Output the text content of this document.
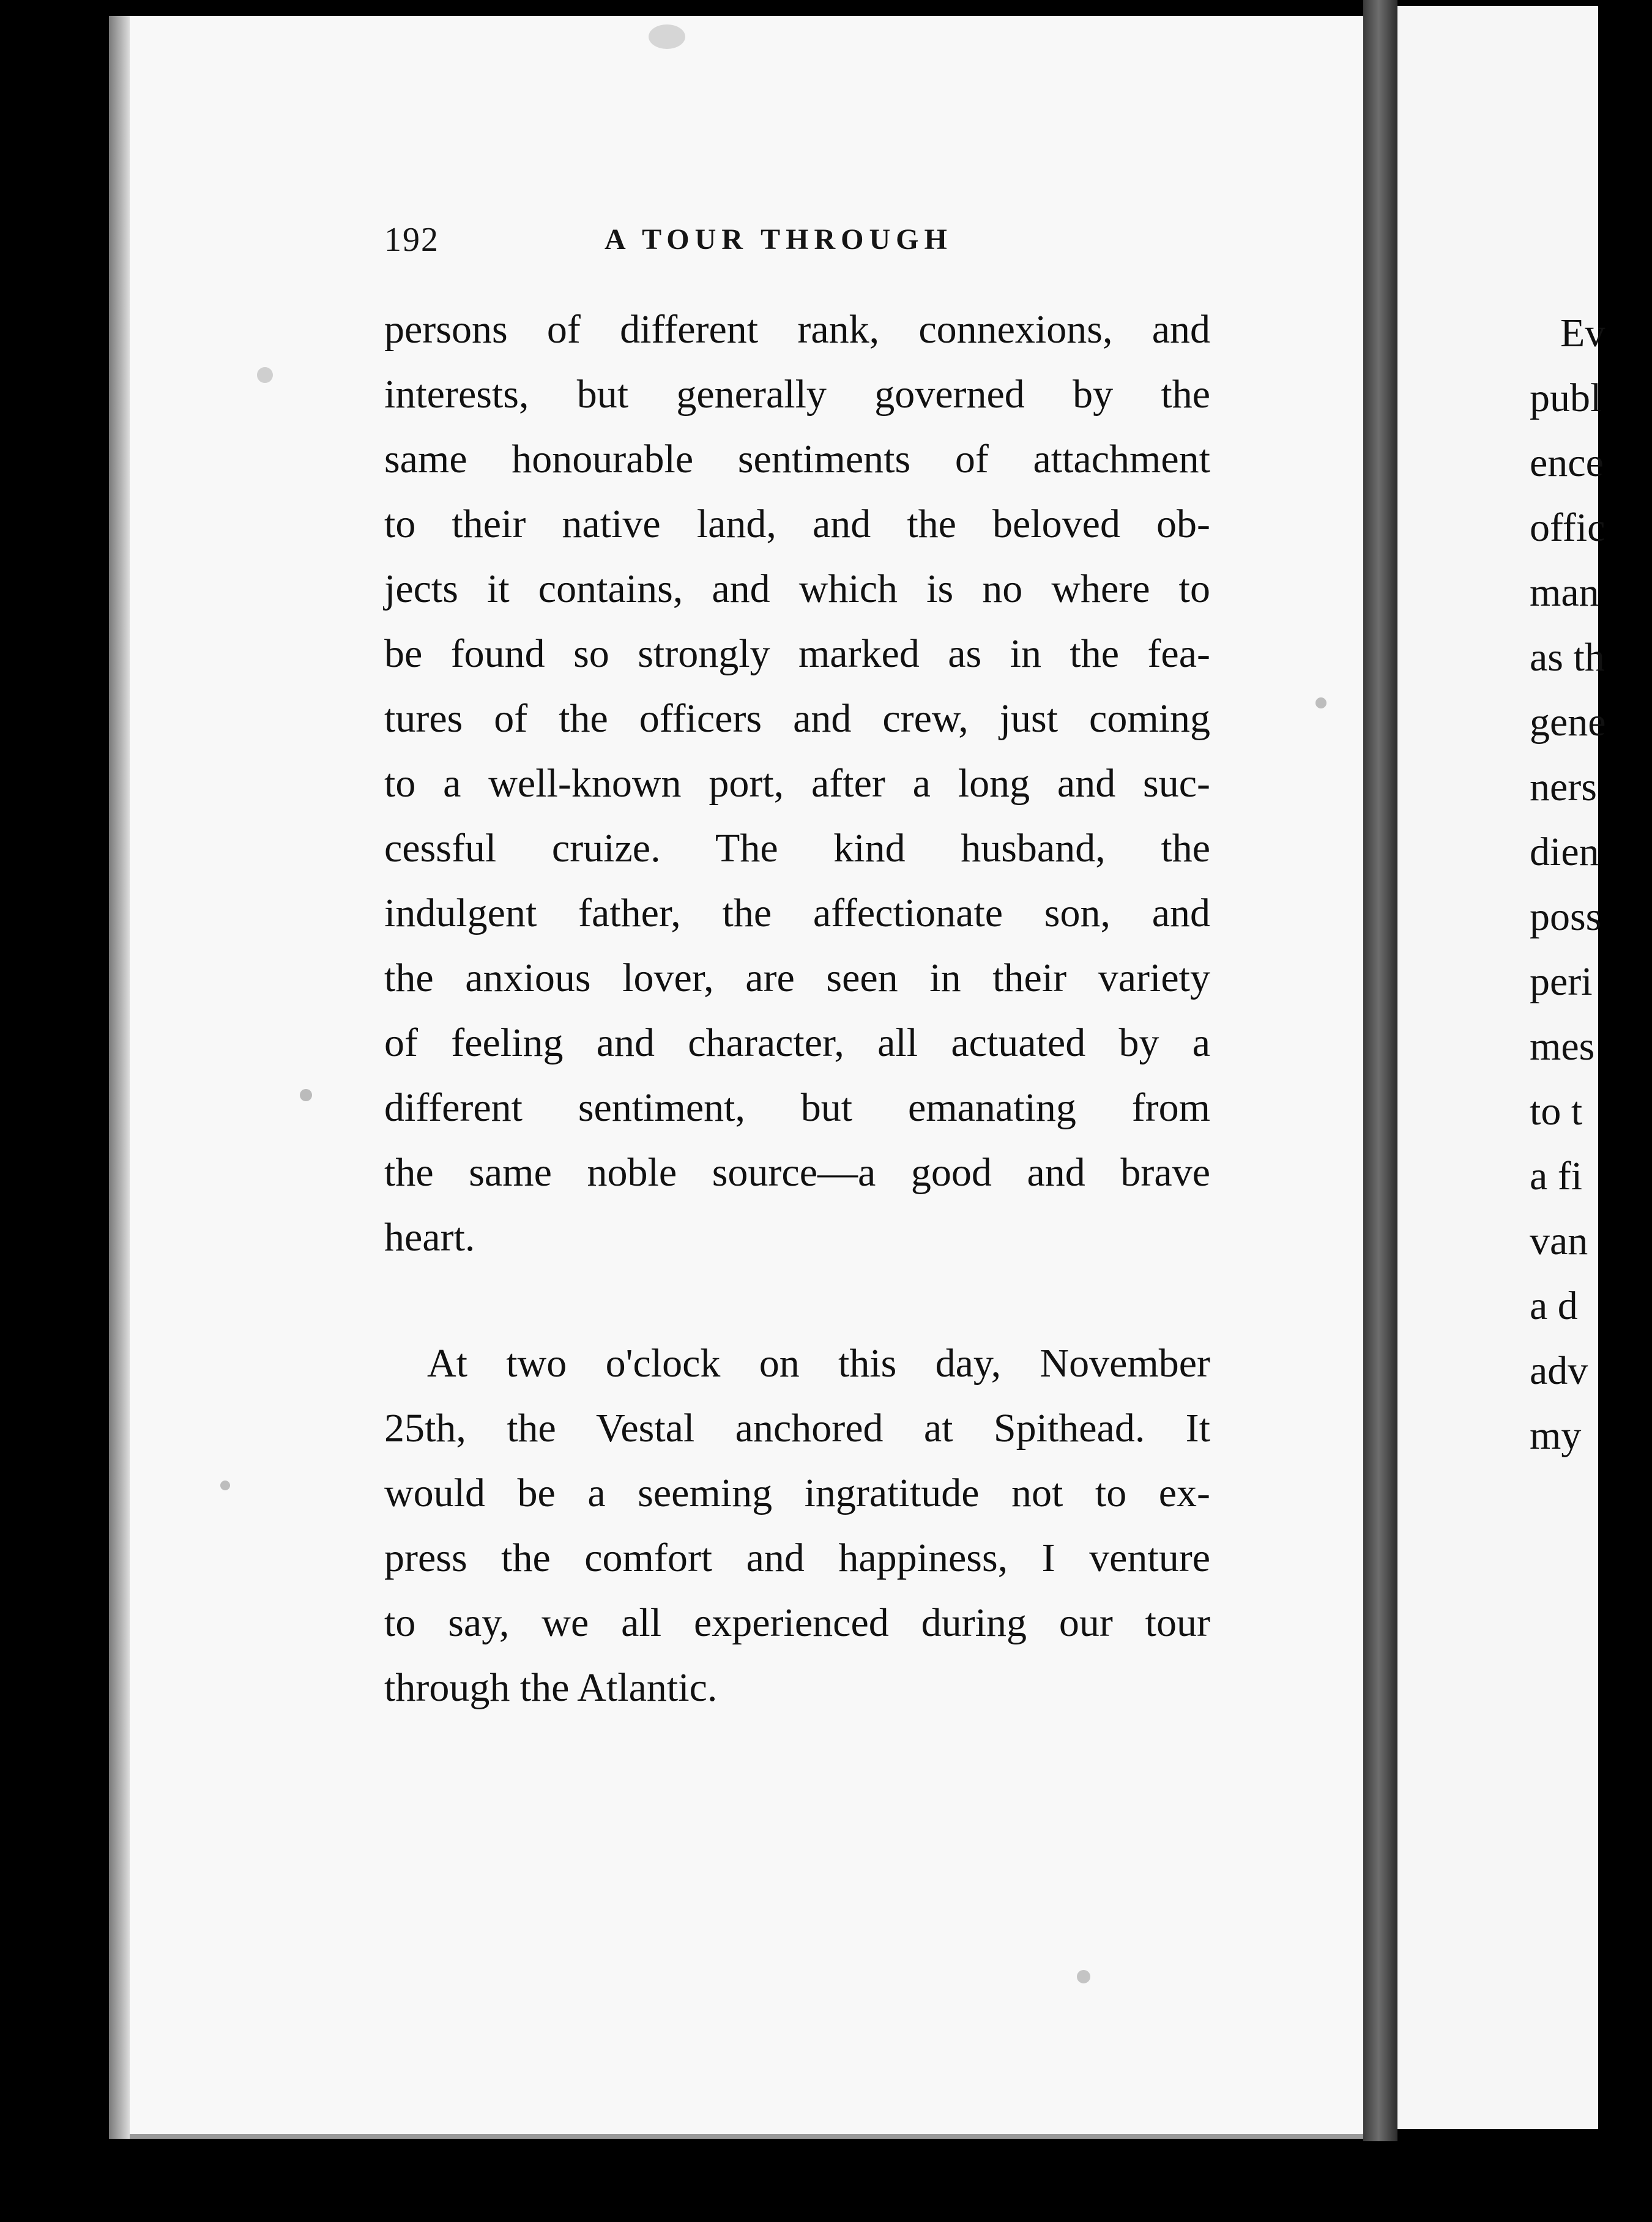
192	A TOUR THROUGH
persons of different rank, connexions, and
interests, but generally governed by the
same honourable sentiments of attachment
to their native land, and the beloved ob-
jects it contains, and which is no where to
be found so strongly marked as in the fea-
tures of the officers and crew, just coming
to a well-known port, after a long and suc-
cessful cruize. The kind husband, the
indulgent father, the affectionate son, and
the anxious lover, are seen in their variety
of feeling and character, all actuated by a
different sentiment, but emanating from
the same noble source—a good and brave
heart.
At two o'clock on this day, November
25th, the Vestal anchored at Spithead. It
would be a seeming ingratitude not to ex-
press the comfort and happiness, I venture
to say, we all experienced during our tour
through the Atlantic.
Ev
publ
ence
offic
man
as th
gene
ners
dien
poss
peri
mes
to t
a fi
van
a d
adv
my
